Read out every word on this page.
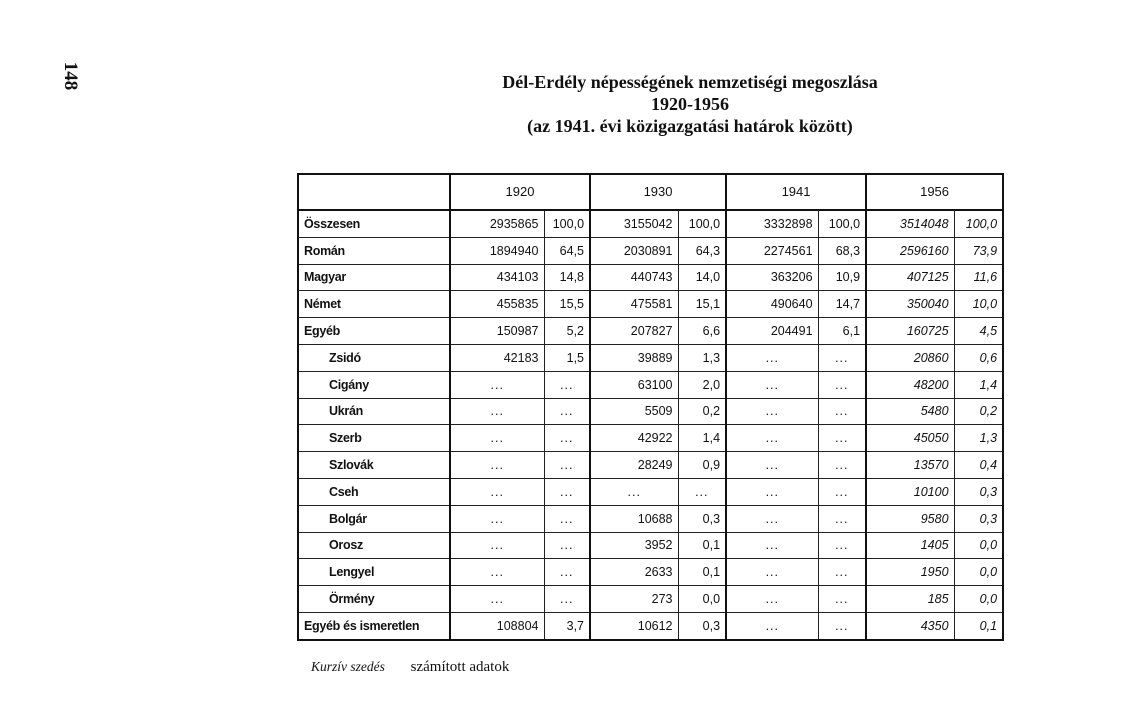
148	Dél-Erdély népességének nemzetiségi megoszlása
1920-1956
(az 1941. évi közigazgatási határok között)
	1920		1930		1941		1956	
Összesen	2935865	100,0	3155042	100,0	3332898	100,0	3514048	100,0
Román	1894940	64,5	2030891	64,3	2274561	68,3	2596160	73,9
Magyar	434103	14,8	440743	14,0	363206	10,9	407125	11,6
Német	455835	15,5	475581	15,1	490640	14,7	350040	10,0
Egyéb	150987	5,2	207827	6,6	204491	6,1	160725	4,5
Zsidó	42183	1,5	39889	1,3	...	...	20860	0,6
Cigány	...	...	63100	2,0	...	...	48200	1,4
Ukrán	...	...	5509	0,2	...	...	5480	0,2
Szerb	...	...	42922	1,4	...	...	45050	1,3
Szlovák	...	...	28249	0,9	...	...	13570	0,4
Cseh	...	...	...	...	...	...	10100	0,3
Bolgár	...	...	10688	0,3	...	...	9580	0,3
Orosz	...	...	3952	0,1	...	...	1405	0,0
Lengyel	...	...	2633	0,1	...	...	1950	0,0
Örmény	...	...	273	0,0	...	...	185	0,0
Egyéb és ismeretlen	108804	3,7	10612	0,3	...	...	4350	0,1
Kurzív szedés számított adatok
